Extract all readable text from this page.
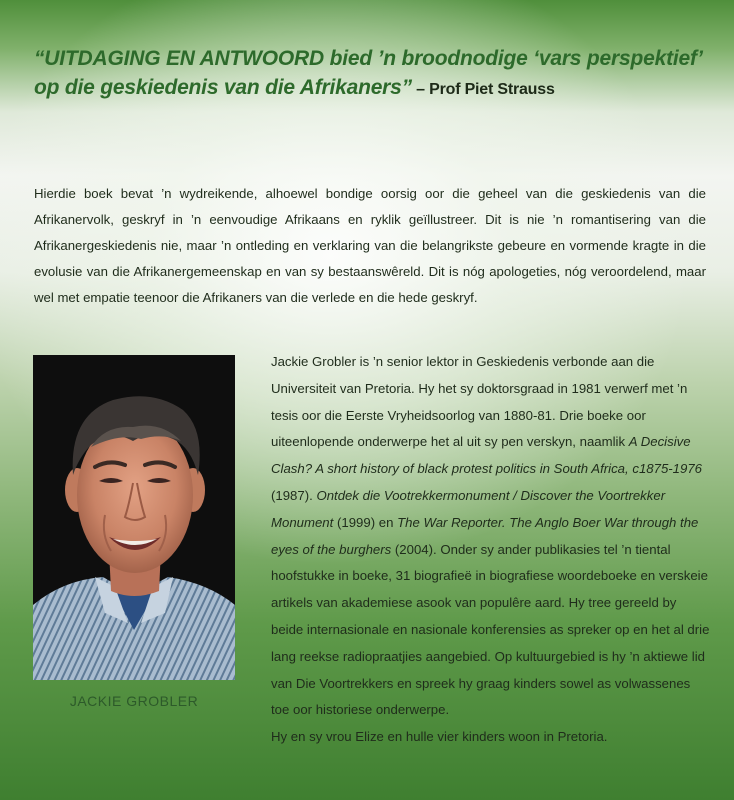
“UITDAGING EN ANTWOORD bied ’n broodnodige ‘vars perspektief’ op die geskiedenis van die Afrikaners” – Prof Piet Strauss
Hierdie boek bevat ’n wydreikende, alhoewel bondige oorsig oor die geheel van die geskiedenis van die Afrikanervolk, geskryf in ’n eenvoudige Afrikaans en ryklik geïllustreer. Dit is nie ’n romantisering van die Afrikanergeskiedenis nie, maar ’n ontleding en verklaring van die belangrikste gebeure en vormende kragte in die evolusie van die Afrikanergemeenskap en van sy bestaanswêreld. Dit is nóg apologeties, nóg veroordelend, maar wel met empatie teenoor die Afrikaners van die verlede en die hede geskryf.
JACKIE GROBLER

Jackie Grobler is ’n senior lektor in Geskiedenis verbonde aan die Universiteit van Pretoria. Hy het sy doktorsgraad in 1981 verwerf met ’n tesis oor die Eerste Vryheidsoorlog van 1880-81. Drie boeke oor uiteenlopende onderwerpe het al uit sy pen verskyn, naamlik A Decisive Clash? A short history of black protest politics in South Africa, c1875-1976 (1987). Ontdek die Vootrekkermonument / Discover the Voortrekker Monument (1999) en The War Reporter. The Anglo Boer War through the eyes of the burghers (2004). Onder sy ander publikasies tel ’n tiental hoofstukke in boeke, 31 biografieë in biografiese woordeboeke en verskeie artikels van akademiese asook van populêre aard. Hy tree gereeld by beide internasionale en nasionale konferensies as spreker op en het al drie lang reekse radiopraatjies aangebied. Op kultuurgebied is hy ’n aktiewe lid van Die Voortrekkers en spreek hy graag kinders sowel as volwassenes toe oor historiese onderwerpe.

Hy en sy vrou Elize en hulle vier kinders woon in Pretoria.
